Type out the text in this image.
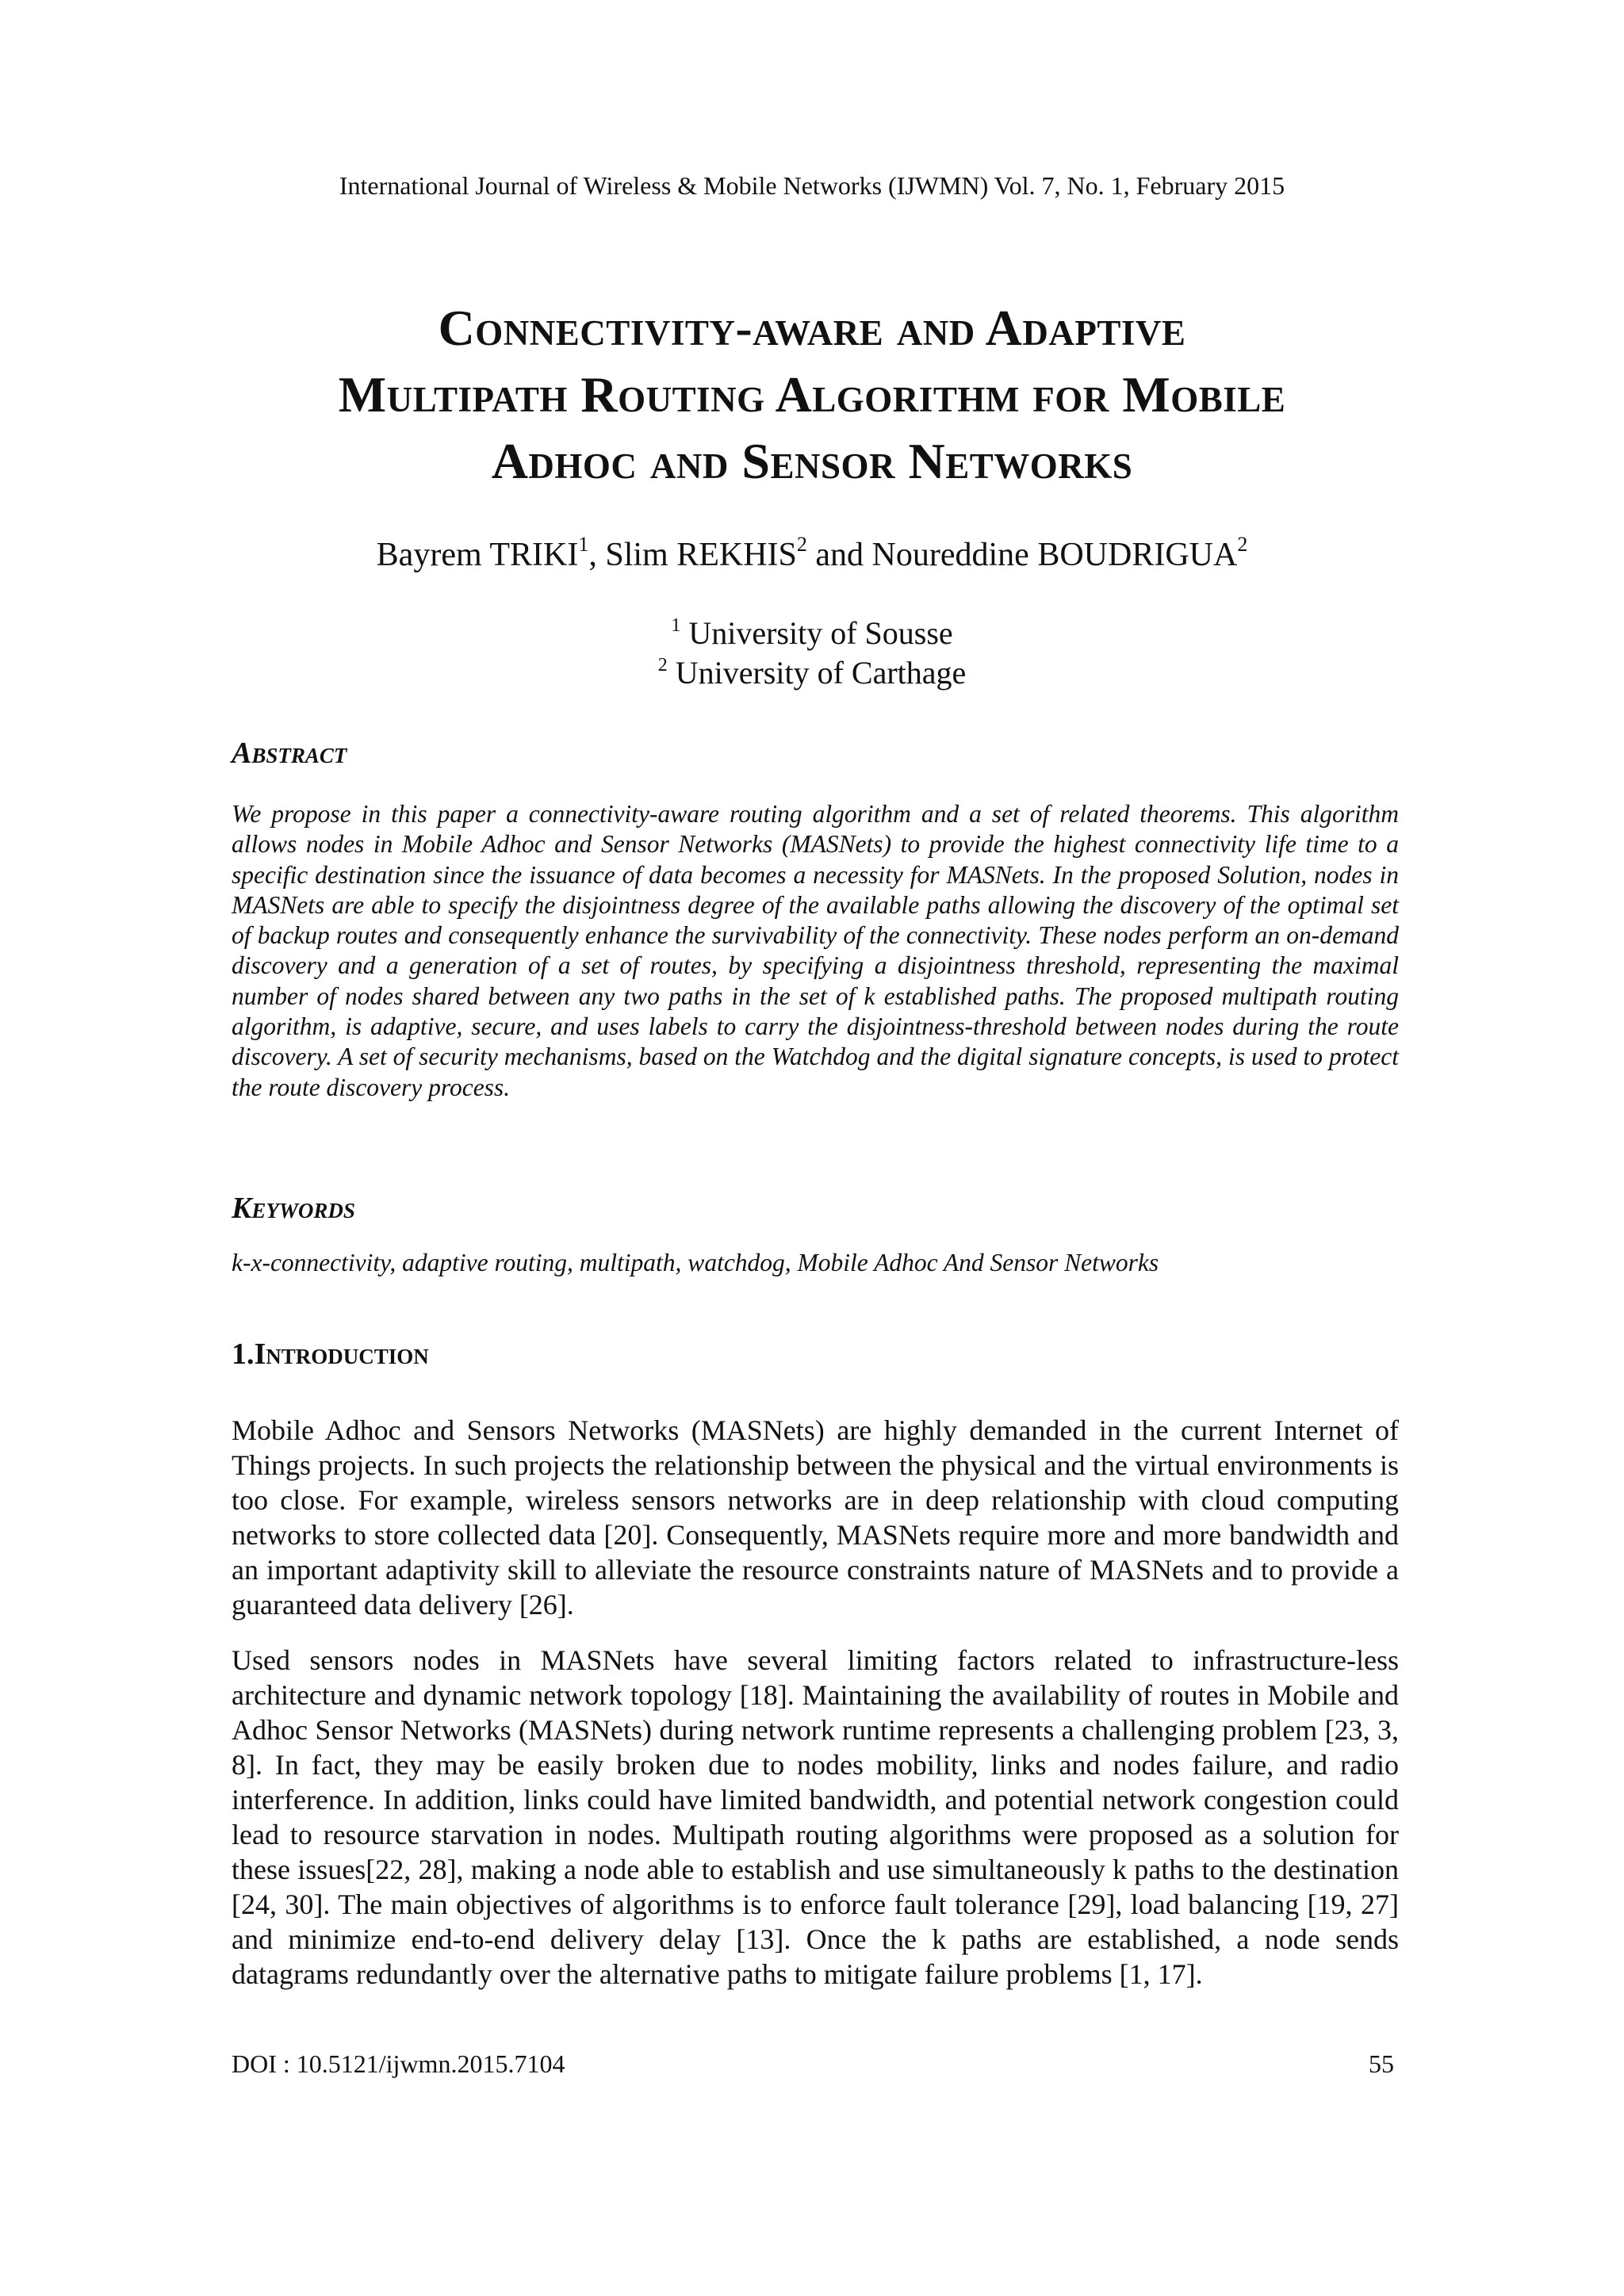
International Journal of Wireless & Mobile Networks (IJWMN) Vol. 7, No. 1, February 2015
Connectivity-aware and Adaptive
Multipath Routing Algorithm for Mobile
Adhoc and Sensor Networks
Bayrem TRIKI$^1$, Slim REKHIS$^2$ and Noureddine BOUDRIGUA$^2$
$^1$ University of Sousse
$^2$ University of Carthage
Abstract

We propose in this paper a connectivity-aware routing algorithm and a set of related theorems. This algorithm allows nodes in Mobile Adhoc and Sensor Networks (MASNets) to provide the highest connectivity life time to a specific destination since the issuance of data becomes a necessity for MASNets. In the proposed Solution, nodes in MASNets are able to specify the disjointness degree of the available paths allowing the discovery of the optimal set of backup routes and consequently enhance the survivability of the connectivity. These nodes perform an on-demand discovery and a generation of a set of routes, by specifying a disjointness threshold, representing the maximal number of nodes shared between any two paths in the set of k established paths. The proposed multipath routing algorithm, is adaptive, secure, and uses labels to carry the disjointness-threshold between nodes during the route discovery. A set of security mechanisms, based on the Watchdog and the digital signature concepts, is used to protect the route discovery process.

Keywords

k-x-connectivity, adaptive routing, multipath, watchdog, Mobile Adhoc And Sensor Networks

1.Introduction

Mobile Adhoc and Sensors Networks (MASNets) are highly demanded in the current Internet of Things projects. In such projects the relationship between the physical and the virtual environments is too close. For example, wireless sensors networks are in deep relationship with cloud computing networks to store collected data [20]. Consequently, MASNets require more and more bandwidth and an important adaptivity skill to alleviate the resource constraints nature of MASNets and to provide a guaranteed data delivery [26].

Used sensors nodes in MASNets have several limiting factors related to infrastructure-less architecture and dynamic network topology [18]. Maintaining the availability of routes in Mobile and Adhoc Sensor Networks (MASNets) during network runtime represents a challenging problem [23, 3, 8]. In fact, they may be easily broken due to nodes mobility, links and nodes failure, and radio interference. In addition, links could have limited bandwidth, and potential network congestion could lead to resource starvation in nodes. Multipath routing algorithms were proposed as a solution for these issues[22, 28], making a node able to establish and use simultaneously k paths to the destination [24, 30]. The main objectives of algorithms is to enforce fault tolerance [29], load balancing [19, 27] and minimize end-to-end delivery delay [13]. Once the k paths are established, a node sends datagrams redundantly over the alternative paths to mitigate failure problems [1, 17].

DOI : 10.5121/ijwmn.2015.7104	55
